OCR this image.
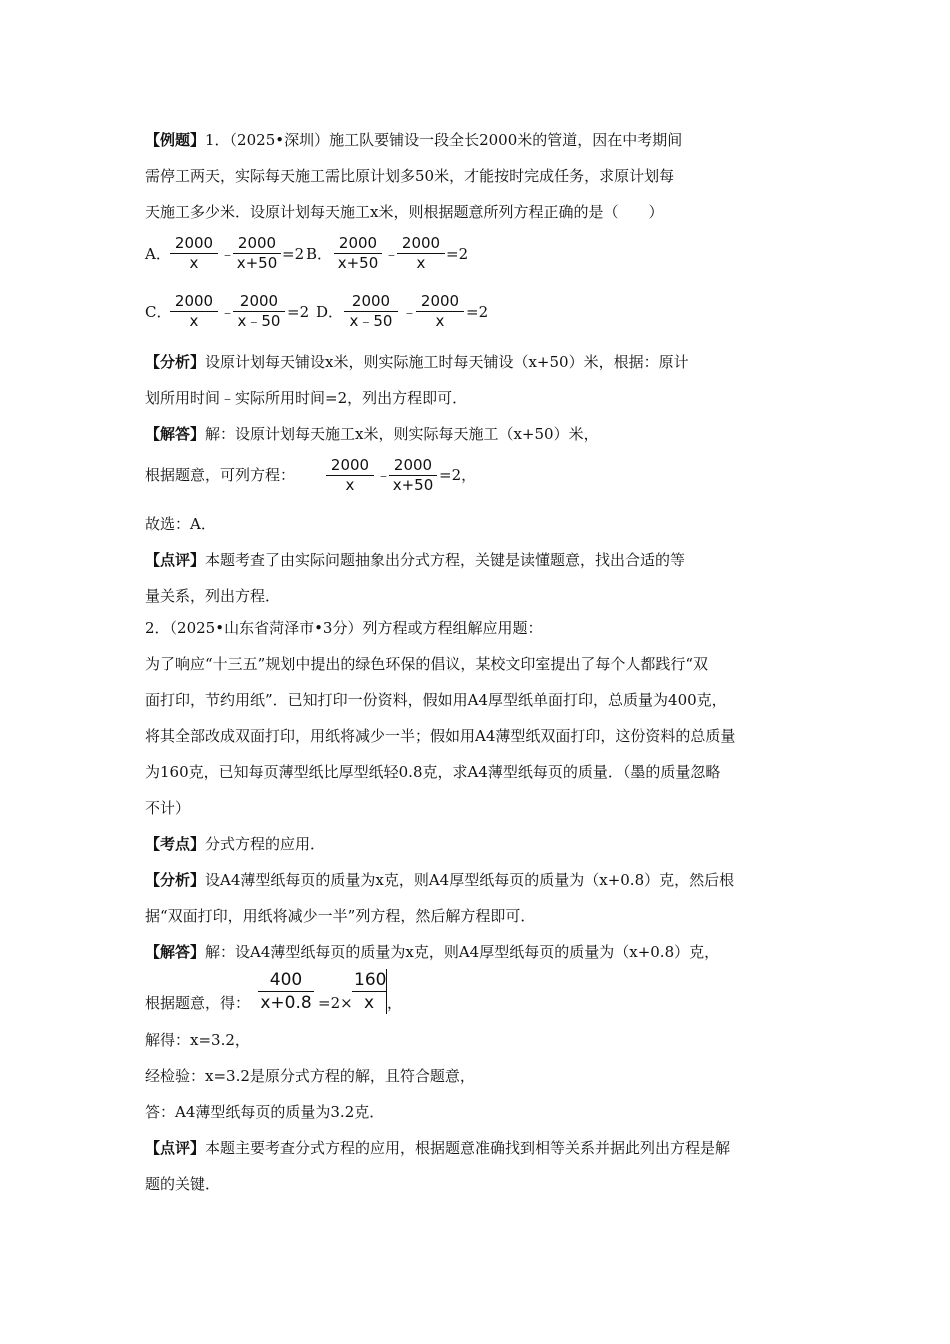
【例题】1．（2025•深圳）施工队要铺设一段全长2000米的管道，因在中考期间
需停工两天，实际每天施工需比原计划多50米，才能按时完成任务，求原计划每
天施工多少米．设原计划每天施工x米，则根据题意所列方程正确的是（　　）
A． $\frac{2000}{x}$ ﹣
$\frac{2000}{x+50} =2$ B． $\frac{2000}{x+50}$ ﹣
$\frac{2000}{x} =2$
C．
$\frac{2000}{x}$ ﹣
$\frac{2000}{x﹣50} =2$ D． $\frac{2000}{x﹣50}$ ﹣
$\frac{2000}{x} =2$
【分析】设原计划每天铺设x米，则实际施工时每天铺设（x+50）米，根据：原计
划所用时间﹣实际所用时间=2，列出方程即可．
【解答】解：设原计划每天施工x米，则实际每天施工（x+50）米，
根据题意，可列方程： $\frac{2000}{x}$ ﹣
$\frac{2000}{x+50} =2$，
故选：A．
【点评】本题考查了由实际问题抽象出分式方程，关键是读懂题意，找出合适的等
量关系，列出方程．
2．（2025•山东省菏泽市•3分）列方程或方程组解应用题：
为了响应“十三五”规划中提出的绿色环保的倡议，某校文印室提出了每个人都践行“双
面打印，节约用纸”．已知打印一份资料，假如用A4厚型纸单面打印，总质量为400克，
将其全部改成双面打印，用纸将减少一半；假如用A4薄型纸双面打印，这份资料的总质量
为160克，已知每页薄型纸比厚型纸轻0.8克，求A4薄型纸每页的质量．（墨的质量忽略
不计）
【考点】分式方程的应用．
【分析】设A4薄型纸每页的质量为x克，则A4厚型纸每页的质量为（x+0.8）克，然后根
据“双面打印，用纸将减少一半”列方程，然后解方程即可．
【解答】解：设A4薄型纸每页的质量为x克，则A4厚型纸每页的质量为（x+0.8）克，
根据题意，得： $\frac{400}{x+0.8} =2\times \frac{160}{x}$ ，
解得：x=3.2，
经检验：x=3.2是原分式方程的解，且符合题意，
答：A4薄型纸每页的质量为3.2克．
【点评】本题主要考查分式方程的应用，根据题意准确找到相等关系并据此列出方程是解
题的关键．
